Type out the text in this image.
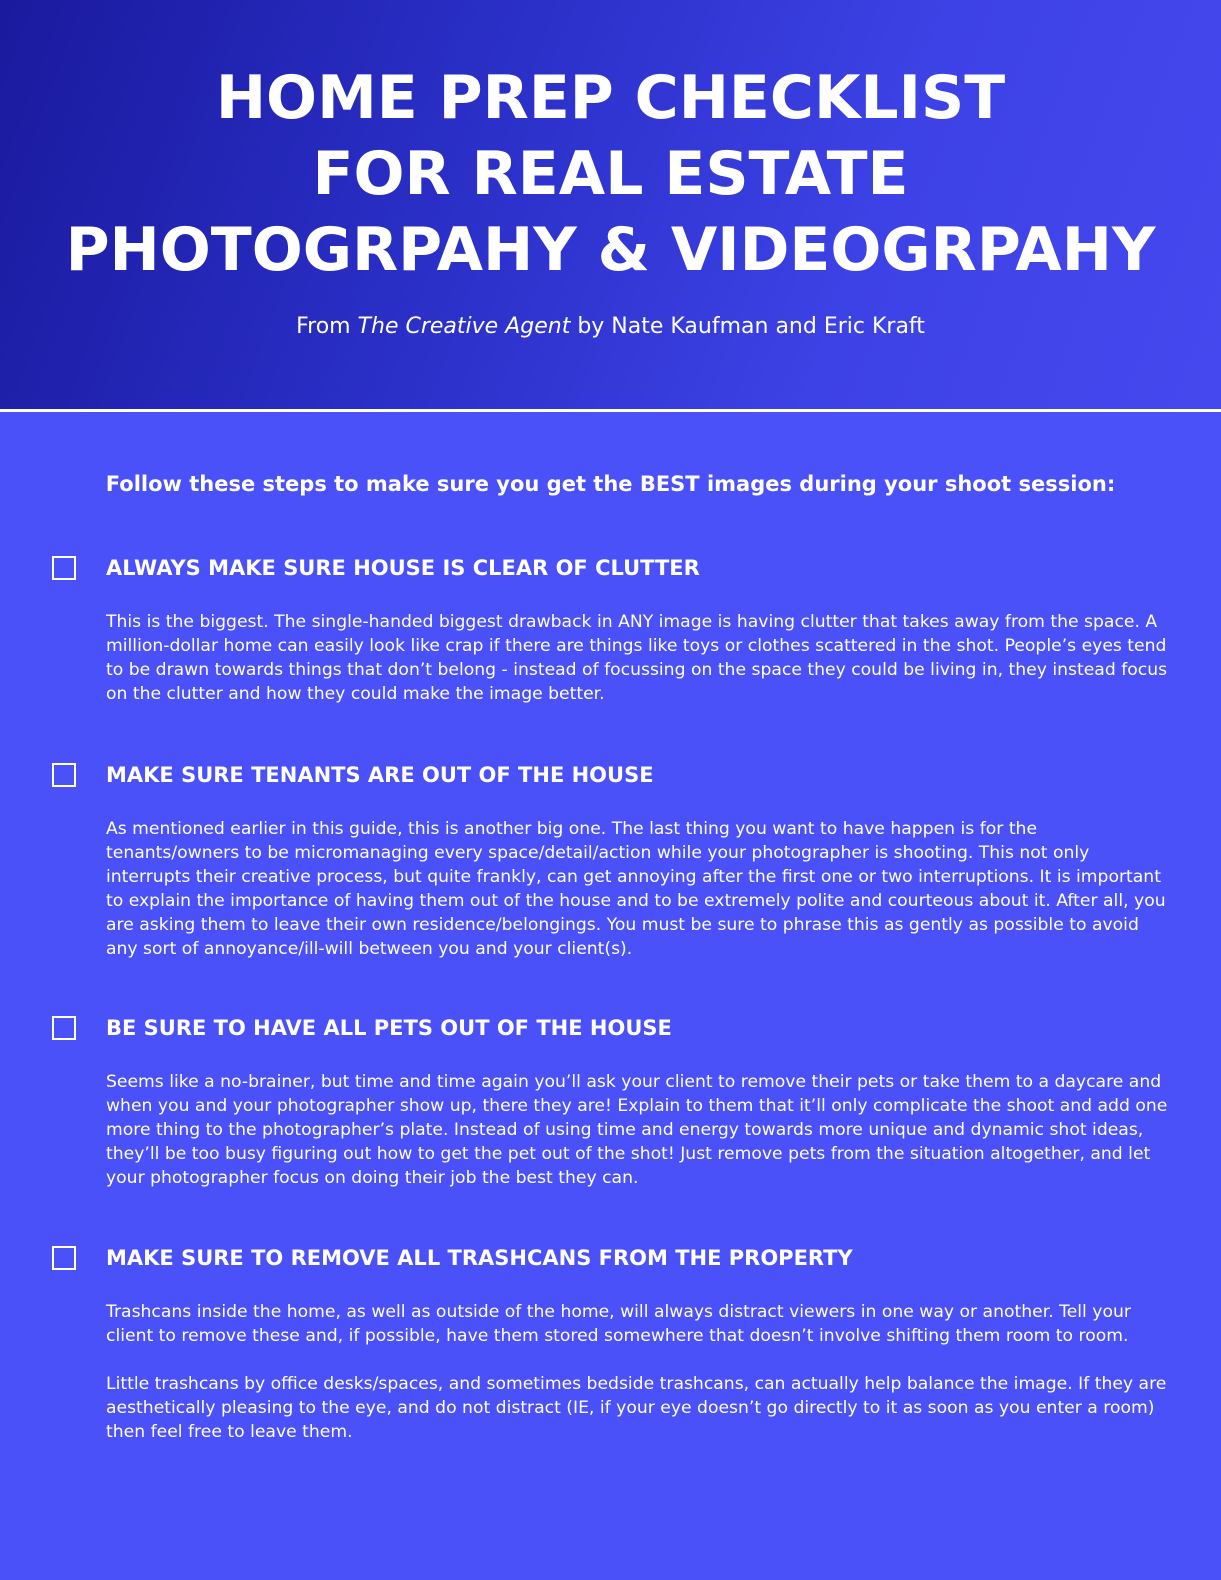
HOME PREP CHECKLIST
FOR REAL ESTATE
PHOTOGRPAHY & VIDEOGRPAHY
From The Creative Agent by Nate Kaufman and Eric Kraft
Follow these steps to make sure you get the BEST images during your shoot session:
ALWAYS MAKE SURE HOUSE IS CLEAR OF CLUTTER

This is the biggest. The single-handed biggest drawback in ANY image is having clutter that takes away from the space. A million-dollar home can easily look like crap if there are things like toys or clothes scattered in the shot. People’s eyes tend to be drawn towards things that don’t belong - instead of focussing on the space they could be living in, they instead focus on the clutter and how they could make the image better.

MAKE SURE TENANTS ARE OUT OF THE HOUSE

As mentioned earlier in this guide, this is another big one. The last thing you want to have happen is for the tenants/owners to be micromanaging every space/detail/action while your photographer is shooting. This not only interrupts their creative process, but quite frankly, can get annoying after the first one or two interruptions. It is important to explain the importance of having them out of the house and to be extremely polite and courteous about it. After all, you are asking them to leave their own residence/belongings. You must be sure to phrase this as gently as possible to avoid any sort of annoyance/ill-will between you and your client(s).

BE SURE TO HAVE ALL PETS OUT OF THE HOUSE

Seems like a no-brainer, but time and time again you’ll ask your client to remove their pets or take them to a daycare and when you and your photographer show up, there they are! Explain to them that it’ll only complicate the shoot and add one more thing to the photographer’s plate. Instead of using time and energy towards more unique and dynamic shot ideas, they’ll be too busy figuring out how to get the pet out of the shot! Just remove pets from the situation altogether, and let your photographer focus on doing their job the best they can.

MAKE SURE TO REMOVE ALL TRASHCANS FROM THE PROPERTY

Trashcans inside the home, as well as outside of the home, will always distract viewers in one way or another. Tell your client to remove these and, if possible, have them stored somewhere that doesn’t involve shifting them room to room.

Little trashcans by office desks/spaces, and sometimes bedside trashcans, can actually help balance the image. If they are aesthetically pleasing to the eye, and do not distract (IE, if your eye doesn’t go directly to it as soon as you enter a room) then feel free to leave them.
